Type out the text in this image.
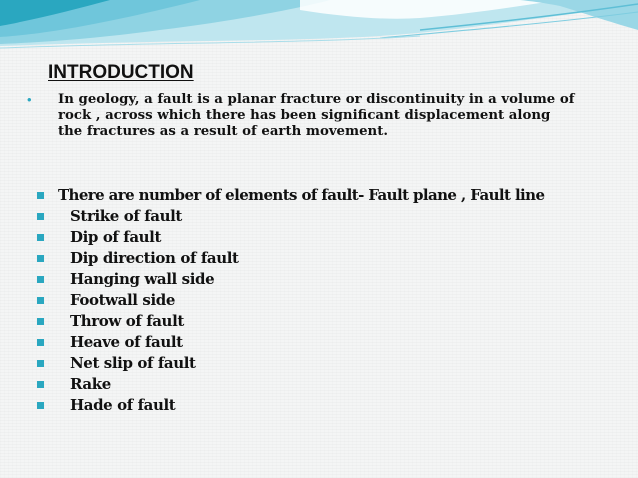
INTRODUCTION
•	In geology, a fault is a planar fracture or discontinuity in a volume of rock , across which there has been significant displacement along the fractures as a result of earth movement.
There are number of elements of fault- Fault plane , Fault line
Strike of fault
Dip of fault
Dip direction of fault
Hanging wall side
Footwall side
Throw of fault
Heave of fault
Net slip of fault
Rake
Hade of fault
